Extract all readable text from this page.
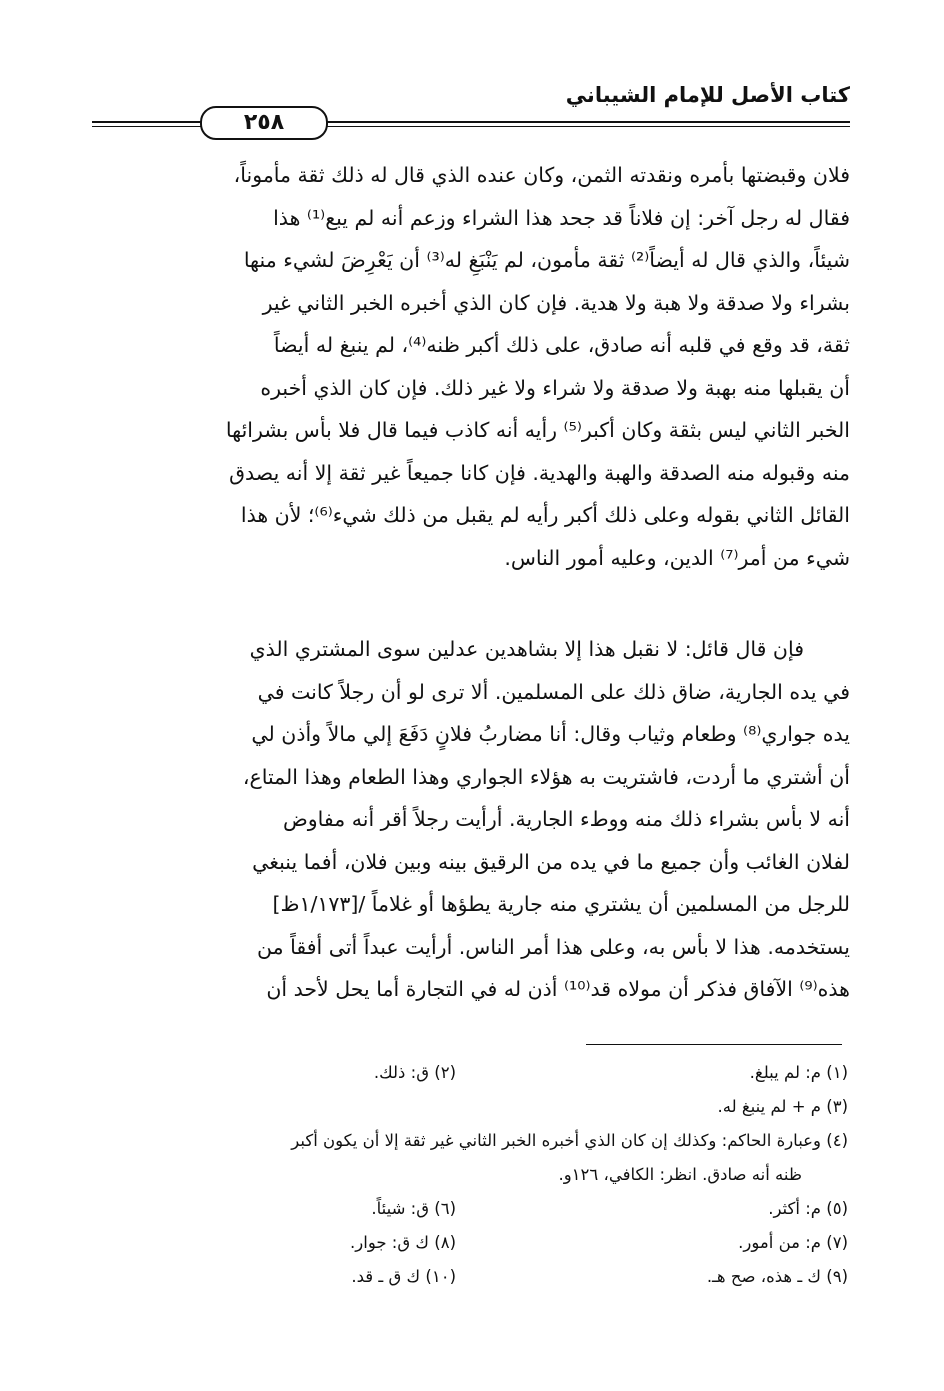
كتاب الأصل للإمام الشيباني
٢٥٨
فلان وقبضتها بأمره ونقدته الثمن، وكان عنده الذي قال له ذلك ثقة مأموناً،
فقال له رجل آخر: إن فلاناً قد جحد هذا الشراء وزعم أنه لم يبع⁽¹⁾ هذا
شيئاً، والذي قال له أيضاً⁽²⁾ ثقة مأمون، لم يَنْبَغِ له⁽³⁾ أن يَعْرِضَ لشيء منها
بشراء ولا صدقة ولا هبة ولا هدية. فإن كان الذي أخبره الخبر الثاني غير
ثقة، قد وقع في قلبه أنه صادق، على ذلك أكبر ظنه⁽⁴⁾، لم ينبغ له أيضاً
أن يقبلها منه بهبة ولا صدقة ولا شراء ولا غير ذلك. فإن كان الذي أخبره
الخبر الثاني ليس بثقة وكان أكبر⁽⁵⁾ رأيه أنه كاذب فيما قال فلا بأس بشرائها
منه وقبوله منه الصدقة والهبة والهدية. فإن كانا جميعاً غير ثقة إلا أنه يصدق
القائل الثاني بقوله وعلى ذلك أكبر رأيه لم يقبل من ذلك شيء⁽⁶⁾؛ لأن هذا
شيء من أمر⁽⁷⁾ الدين، وعليه أمور الناس.
فإن قال قائل: لا نقبل هذا إلا بشاهدين عدلين سوى المشتري الذي
في يده الجارية، ضاق ذلك على المسلمين. ألا ترى لو أن رجلاً كانت في
يده جواري⁽⁸⁾ وطعام وثياب وقال: أنا مضاربُ فلانٍ دَفَعَ إلي مالاً وأذن لي
أن أشتري ما أردت، فاشتريت به هؤلاء الجواري وهذا الطعام وهذا المتاع،
أنه لا بأس بشراء ذلك منه ووطء الجارية. أرأيت رجلاً أقر أنه مفاوض
لفلان الغائب وأن جميع ما في يده من الرقيق بينه وبين فلان، أفما ينبغي
للرجل من المسلمين أن يشتري منه جارية يطؤها أو غلاماً /[١/١٧٣ظ]
يستخدمه. هذا لا بأس به، وعلى هذا أمر الناس. أرأيت عبداً أتى أفقاً من
هذه⁽⁹⁾ الآفاق فذكر أن مولاه قد⁽¹⁰⁾ أذن له في التجارة أما يحل لأحد أن
(١) م: لم يبلغ.
(٢) ق: ذلك.
(٣) م + لم ينبغ له.
(٤) وعبارة الحاكم: وكذلك إن كان الذي أخبره الخبر الثاني غير ثقة إلا أن يكون أكبر
ظنه أنه صادق. انظر: الكافي، ١٢٦و.
(٥) م: أكثر.
(٦) ق: شيئاً.
(٧) م: من أمور.
(٨) ك ق: جوار.
(٩) ك ـ هذه، صح هـ.
(١٠) ك ق ـ قد.
